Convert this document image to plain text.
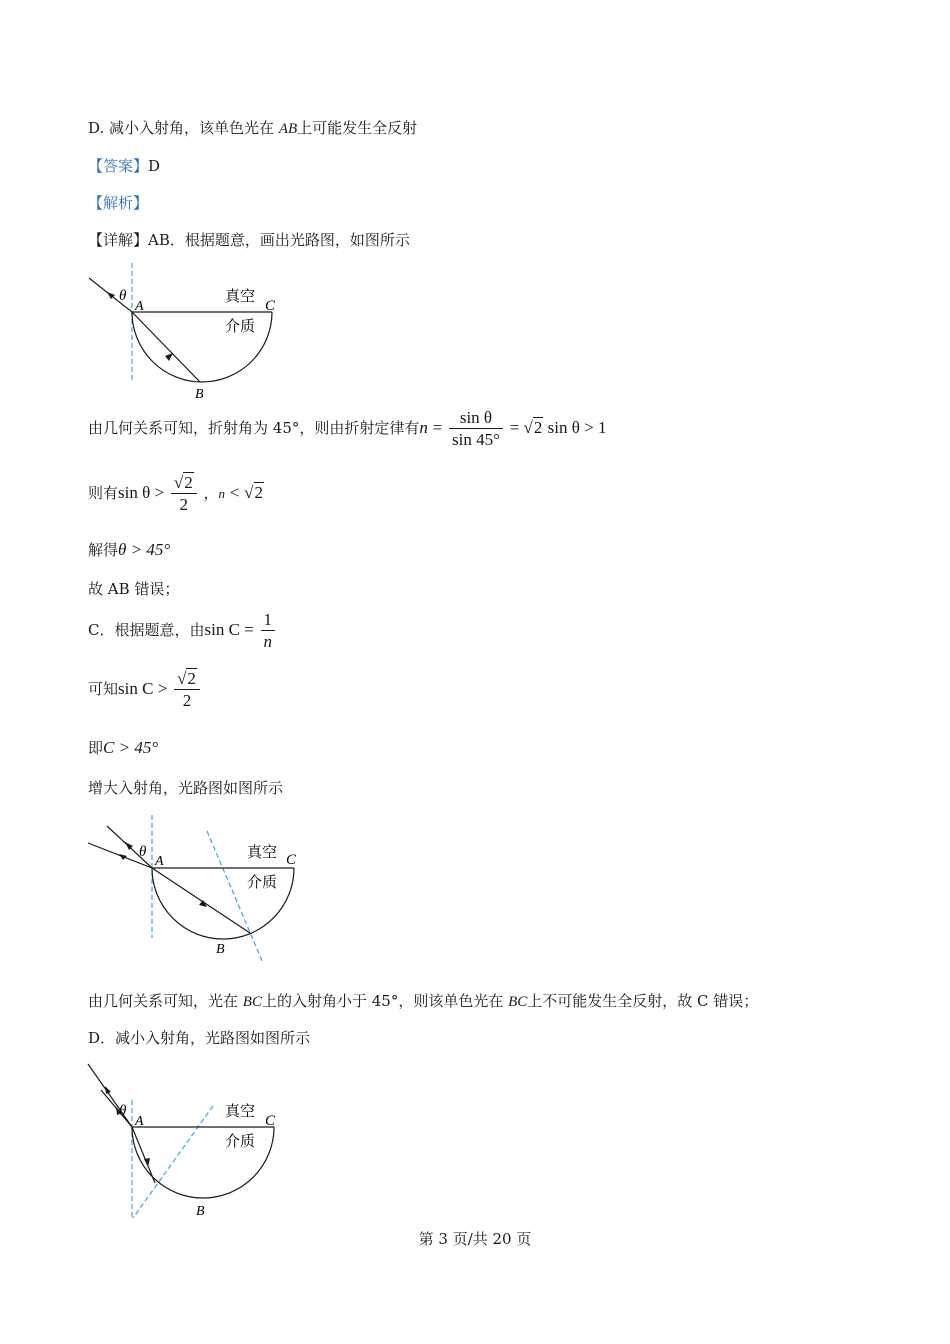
D. 减小入射角，该单色光在 AB上可能发生全反射
【答案】D
【解析】
【详解】AB．根据题意，画出光路图，如图所示
θ
A	C
B
真空
介质
由几何关系可知，折射角为 45°，则由折射定律有$n = \frac{\text{sin θ}}{\sin 45^\circ} = √2$ sin θ > 1
则有$\sin \theta > \frac{√2}{2}$ ，n < √2
解得θ > 45°
故 AB 错误；
C．根据题意，由$\sin C = \frac{1}{n}$
可知$\sin C > \frac{√2}{2}$
即C > 45°
增大入射角，光路图如图所示
θ
A	C
B
真空
介质
由几何关系可知，光在 BC上的入射角小于 45°，则该单色光在 BC上不可能发生全反射，故 C 错误；
D．减小入射角，光路图如图所示
θ
A	C
B
真空
介质
第 3 页/共 20 页
